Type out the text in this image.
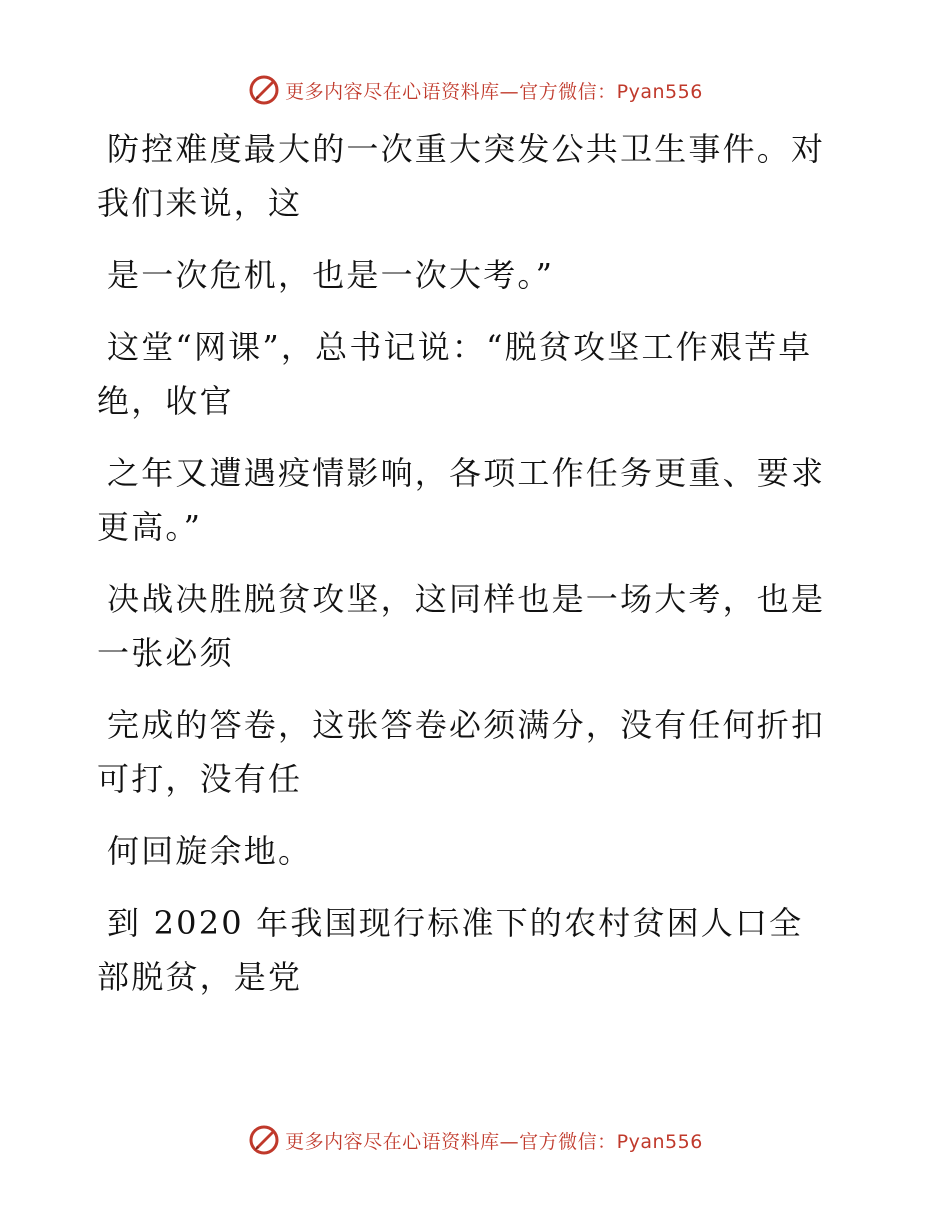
更多内容尽在心语资料库—官方微信：Pyan556

防控难度最大的一次重大突发公共卫生事件。对我们来说，这

是一次危机，也是一次大考。”

这堂“网课”，总书记说：“脱贫攻坚工作艰苦卓绝，收官

之年又遭遇疫情影响，各项工作任务更重、要求更高。”

决战决胜脱贫攻坚，这同样也是一场大考，也是一张必须

完成的答卷，这张答卷必须满分，没有任何折扣可打，没有任

何回旋余地。

到 2020 年我国现行标准下的农村贫困人口全部脱贫，是党

更多内容尽在心语资料库—官方微信：Pyan556
